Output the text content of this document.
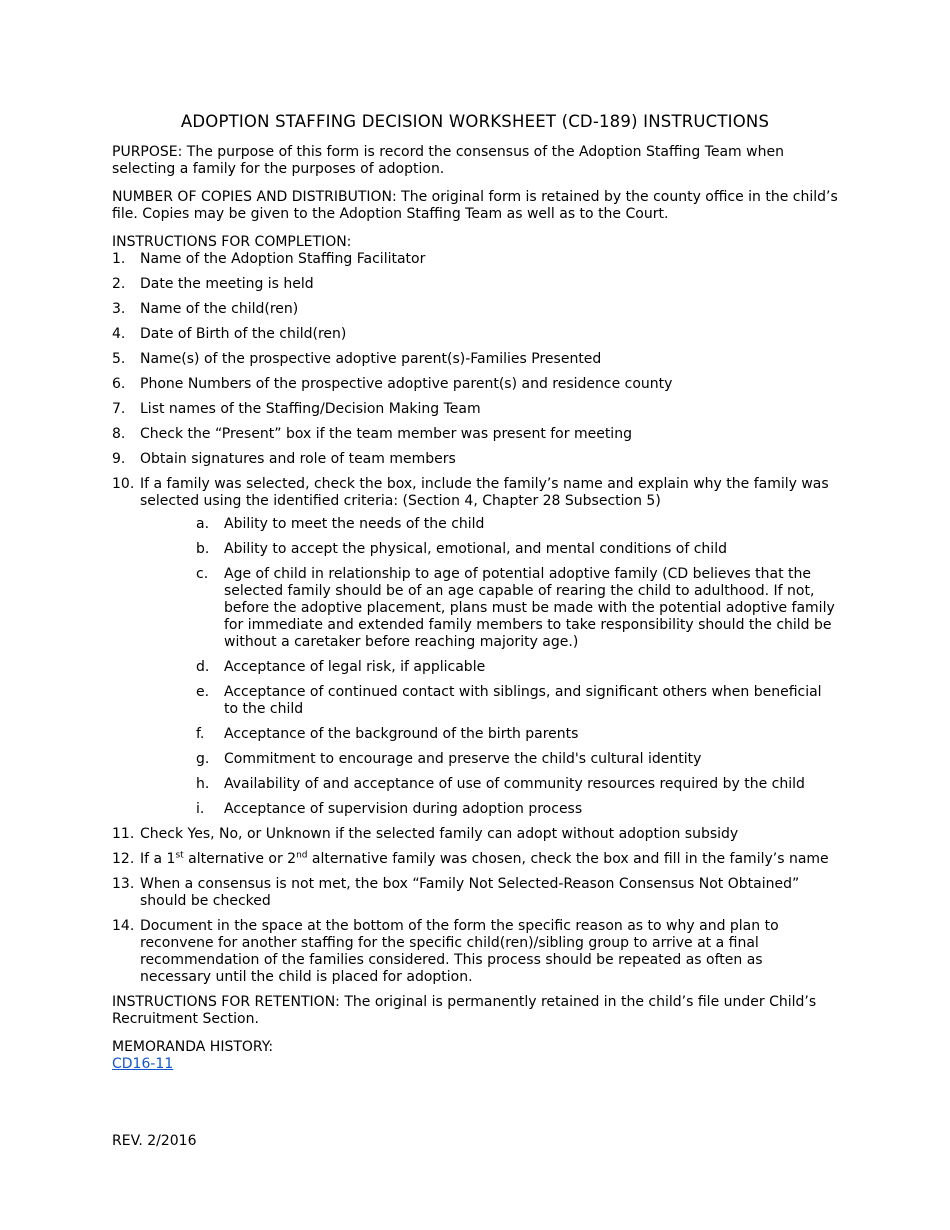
ADOPTION STAFFING DECISION WORKSHEET (CD-189) INSTRUCTIONS

PURPOSE: The purpose of this form is record the consensus of the Adoption Staffing Team when selecting a family for the purposes of adoption.

NUMBER OF COPIES AND DISTRIBUTION: The original form is retained by the county office in the child’s file. Copies may be given to the Adoption Staffing Team as well as to the Court.

INSTRUCTIONS FOR COMPLETION:
1. Name of the Adoption Staffing Facilitator
2. Date the meeting is held
3. Name of the child(ren)
4. Date of Birth of the child(ren)
5. Name(s) of the prospective adoptive parent(s)-Families Presented
6. Phone Numbers of the prospective adoptive parent(s) and residence county
7. List names of the Staffing/Decision Making Team
8. Check the “Present” box if the team member was present for meeting
9. Obtain signatures and role of team members
10. If a family was selected, check the box, include the family’s name and explain why the family was selected using the identified criteria: (Section 4, Chapter 28 Subsection 5)
a. Ability to meet the needs of the child
b. Ability to accept the physical, emotional, and mental conditions of child
c. Age of child in relationship to age of potential adoptive family (CD believes that the selected family should be of an age capable of rearing the child to adulthood. If not, before the adoptive placement, plans must be made with the potential adoptive family for immediate and extended family members to take responsibility should the child be without a caretaker before reaching majority age.)
d. Acceptance of legal risk, if applicable
e. Acceptance of continued contact with siblings, and significant others when beneficial to the child
f. Acceptance of the background of the birth parents
g. Commitment to encourage and preserve the child's cultural identity
h. Availability of and acceptance of use of community resources required by the child
i. Acceptance of supervision during adoption process
11. Check Yes, No, or Unknown if the selected family can adopt without adoption subsidy
12. If a 1st alternative or 2nd alternative family was chosen, check the box and fill in the family’s name
13. When a consensus is not met, the box “Family Not Selected-Reason Consensus Not Obtained” should be checked
14. Document in the space at the bottom of the form the specific reason as to why and plan to reconvene for another staffing for the specific child(ren)/sibling group to arrive at a final recommendation of the families considered. This process should be repeated as often as necessary until the child is placed for adoption.

INSTRUCTIONS FOR RETENTION: The original is permanently retained in the child’s file under Child’s Recruitment Section.

MEMORANDA HISTORY:
CD16-11
REV. 2/2016
